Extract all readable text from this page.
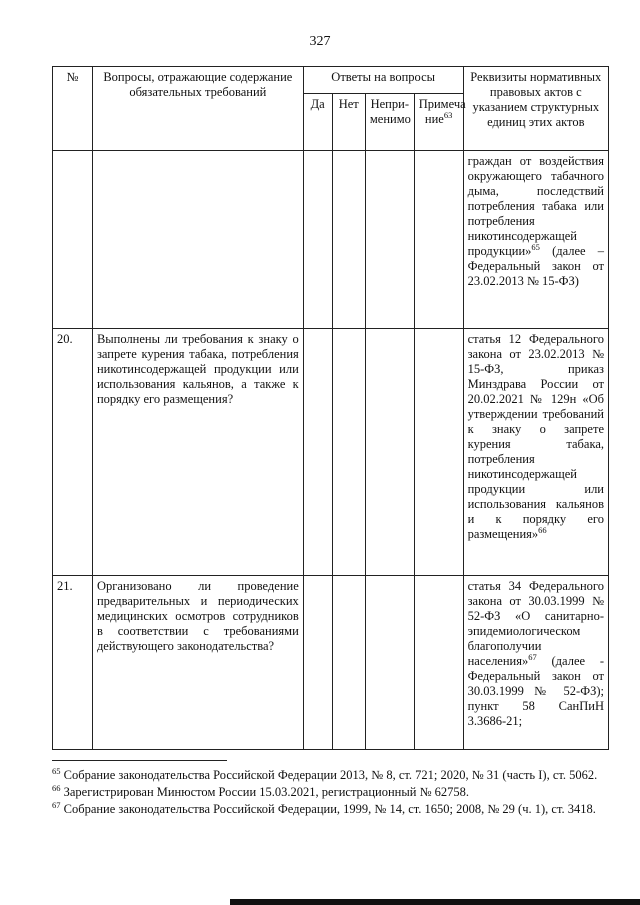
327
№	Вопросы, отражающие содержание обязательных требований	Ответы на вопросы				Реквизиты нормативных правовых актов с указанием структурных единиц этих актов
		Да	Нет	Непри-менимо	Примеча ние$^{63}$
						граждан от воздействия окружающего табачного дыма, последствий потребления табака или потребления никотинсодержащей продукции»$^{65}$ (далее – Федеральный закон от 23.02.2013 № 15-ФЗ)
20.	Выполнены ли требования к знаку о запрете курения табака, потребления никотинсодержащей продукции или использования кальянов, а также к порядку его размещения?					статья 12 Федерального закона от 23.02.2013 № 15-ФЗ, приказ Минздрава России от 20.02.2021 № 129н «Об утверждении требований к знаку о запрете курения табака, потребления никотинсодержащей продукции или использования кальянов и к порядку его размещения»$^{66}$
21.	Организовано ли проведение предварительных и периодических медицинских осмотров сотрудников в соответствии с требованиями действующего законодательства?					статья 34 Федерального закона от 30.03.1999 № 52-ФЗ «О санитарно-эпидемиологическом благополучии населения»$^{67}$ (далее - Федеральный закон от 30.03.1999 № 52-ФЗ); пункт 58 СанПиН 3.3686-21;

$^{65}$ Собрание законодательства Российской Федерации 2013, № 8, ст. 721; 2020, № 31 (часть I), ст. 5062.

$^{66}$ Зарегистрирован Минюстом России 15.03.2021, регистрационный № 62758.

$^{67}$ Собрание законодательства Российской Федерации, 1999, № 14, ст. 1650; 2008, № 29 (ч. 1), ст. 3418.
